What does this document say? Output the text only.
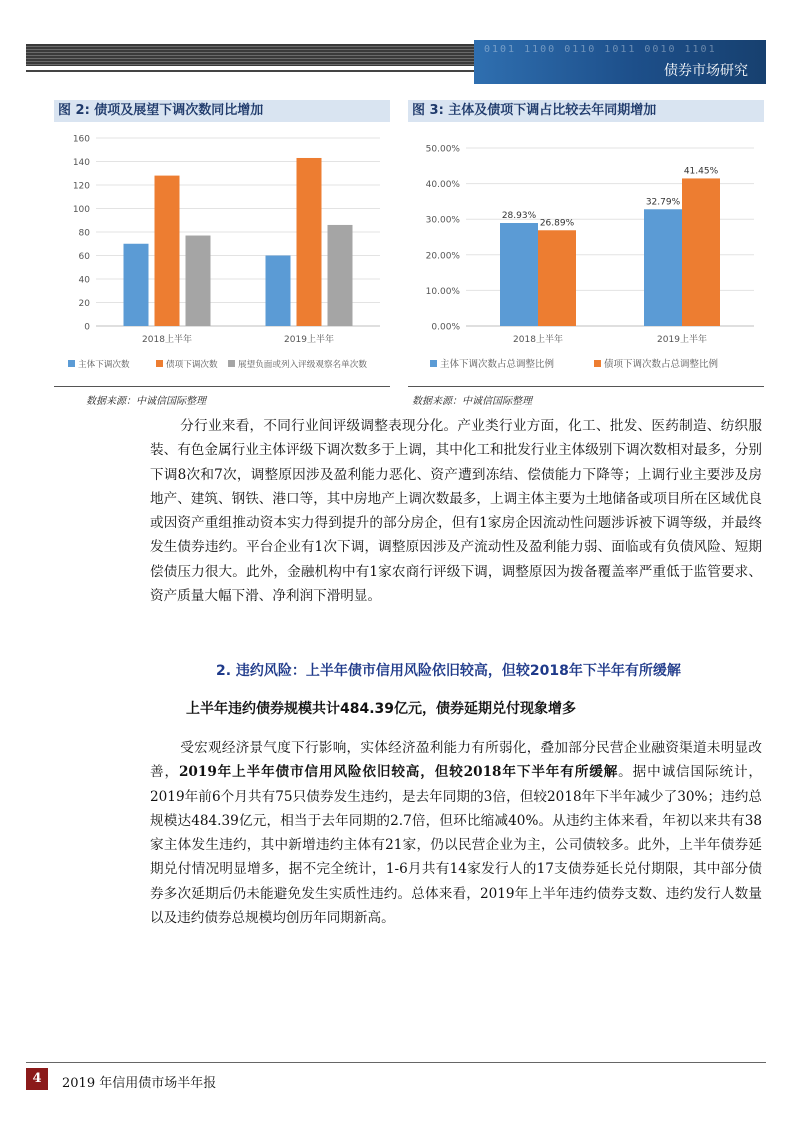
0101 1100 0110 1011 0010 1101
债券市场研究
图 2: 债项及展望下调次数同比增加
0
20
40
60
80
100
120
140
160
2018上半年	2019上半年
主体下调次数	债项下调次数 展望负面或列入评级观察名单次数
数据来源：中诚信国际整理
图 3: 主体及债项下调占比较去年同期增加
0.00%
10.00%
20.00%
30.00%
40.00%
50.00%
28.93%
26.89%
2018上半年
32.79%
41.45%
2019上半年
主体下调次数占总调整比例	债项下调次数占总调整比例
数据来源：中诚信国际整理

分行业来看，不同行业间评级调整表现分化。产业类行业方面，化工、批发、医药制造、纺织服装、有色金属行业主体评级下调次数多于上调，其中化工和批发行业主体级别下调次数相对最多，分别下调8次和7次，调整原因涉及盈利能力恶化、资产遭到冻结、偿债能力下降等；上调行业主要涉及房地产、建筑、钢铁、港口等，其中房地产上调次数最多，上调主体主要为土地储备或项目所在区域优良或因资产重组推动资本实力得到提升的部分房企，但有1家房企因流动性问题涉诉被下调等级，并最终发生债券违约。平台企业有1次下调，调整原因涉及产流动性及盈利能力弱、面临或有负债风险、短期偿债压力很大。此外，金融机构中有1家农商行评级下调，调整原因为拨备覆盖率严重低于监管要求、资产质量大幅下滑、净利润下滑明显。

2. 违约风险：上半年债市信用风险依旧较高，但较2018年下半年有所缓解
上半年违约债券规模共计484.39亿元，债券延期兑付现象增多

受宏观经济景气度下行影响，实体经济盈利能力有所弱化，叠加部分民营企业融资渠道未明显改善，2019年上半年债市信用风险依旧较高，但较2018年下半年有所缓解。据中诚信国际统计，2019年前6个月共有75只债券发生违约，是去年同期的3倍，但较2018年下半年减少了30%；违约总规模达484.39亿元，相当于去年同期的2.7倍，但环比缩减40%。从违约主体来看，年初以来共有38家主体发生违约，其中新增违约主体有21家，仍以民营企业为主，公司债较多。此外，上半年债券延期兑付情况明显增多，据不完全统计，1-6月共有14家发行人的17支债券延长兑付期限，其中部分债券多次延期后仍未能避免发生实质性违约。总体来看，2019年上半年违约债券支数、违约发行人数量以及违约债券总规模均创历年同期新高。

4	2019 年信用债市场半年报
